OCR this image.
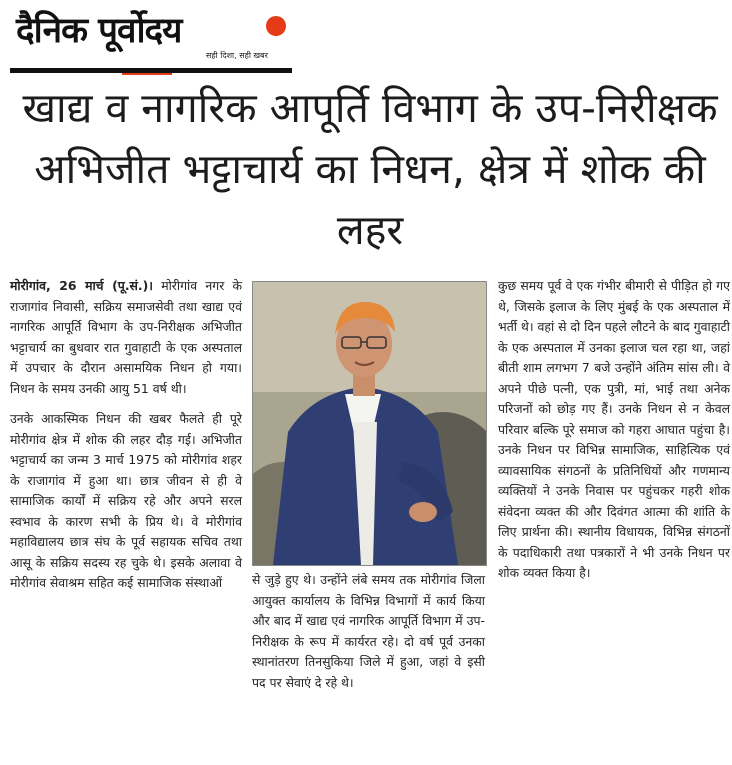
दैनिक पूर्वोदय
सही दिशा, सही खबर
खाद्य व नागरिक आपूर्ति विभाग के उप-निरीक्षक अभिजीत भट्टाचार्य का निधन, क्षेत्र में शोक की लहर

मोरीगांव, 26 मार्च (पू.सं.)। मोरीगांव नगर के राजागांव निवासी, सक्रिय समाजसेवी तथा खाद्य एवं नागरिक आपूर्ति विभाग के उप-निरीक्षक अभिजीत भट्टाचार्य का बुधवार रात गुवाहाटी के एक अस्पताल में उपचार के दौरान असामयिक निधन हो गया। निधन के समय उनकी आयु 51 वर्ष थी।

उनके आकस्मिक निधन की खबर फैलते ही पूरे मोरीगांव क्षेत्र में शोक की लहर दौड़ गई। अभिजीत भट्टाचार्य का जन्म 3 मार्च 1975 को मोरीगांव शहर के राजागांव में हुआ था। छात्र जीवन से ही वे सामाजिक कार्यों में सक्रिय रहे और अपने सरल स्वभाव के कारण सभी के प्रिय थे। वे मोरीगांव महाविद्यालय छात्र संघ के पूर्व सहायक सचिव तथा आसू के सक्रिय सदस्य रह चुके थे। इसके अलावा वे मोरीगांव सेवाश्रम सहित कई सामाजिक संस्थाओं	से जुड़े हुए थे। उन्होंने लंबे समय तक मोरीगांव जिला आयुक्त कार्यालय के विभिन्न विभागों में कार्य किया और बाद में खाद्य एवं नागरिक आपूर्ति विभाग में उप-निरीक्षक के रूप में कार्यरत रहे। दो वर्ष पूर्व उनका स्थानांतरण तिनसुकिया जिले में हुआ, जहां वे इसी पद पर सेवाएं दे रहे थे।

कुछ समय पूर्व वे एक गंभीर बीमारी से पीड़ित हो गए थे, जिसके इलाज के लिए मुंबई के एक अस्पताल में भर्ती थे। वहां से दो दिन पहले लौटने के बाद गुवाहाटी के एक अस्पताल में उनका इलाज चल रहा था, जहां बीती शाम लगभग 7 बजे उन्होंने अंतिम सांस ली। वे अपने पीछे पत्नी, एक पुत्री, मां, भाई तथा अनेक परिजनों को छोड़ गए हैं। उनके निधन से न केवल परिवार बल्कि पूरे समाज को गहरा आघात पहुंचा है। उनके निधन पर विभिन्न सामाजिक, साहित्यिक एवं व्यावसायिक संगठनों के प्रतिनिधियों और गणमान्य व्यक्तियों ने उनके निवास पर पहुंचकर गहरी शोक संवेदना व्यक्त की और दिवंगत आत्मा की शांति के लिए प्रार्थना की। स्थानीय विधायक, विभिन्न संगठनों के पदाधिकारी तथा पत्रकारों ने भी उनके निधन पर शोक व्यक्त किया है।
